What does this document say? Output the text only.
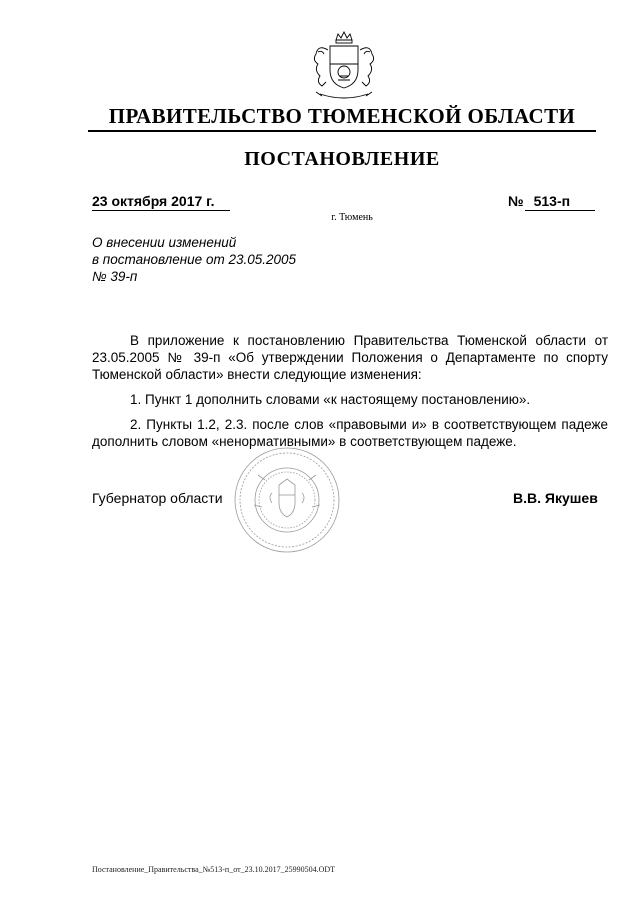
ПРАВИТЕЛЬСТВО ТЮМЕНСКОЙ ОБЛАСТИ
ПОСТАНОВЛЕНИЕ
23 октября 2017 г.	№ 513-п
г. Тюмень
О внесении изменений
в постановление от 23.05.2005
№ 39-п

В приложение к постановлению Правительства Тюменской области от 23.05.2005 № 39-п «Об утверждении Положения о Департаменте по спорту Тюменской области» внести следующие изменения:

1. Пункт 1 дополнить словами «к настоящему постановлению».

2. Пункты 1.2, 2.3. после слов «правовыми и» в соответствующем падеже дополнить словом «ненормативными» в соответствующем падеже.

Губернатор области	В.В. Якушев
Постановление_Правительства_№513-п_от_23.10.2017_25990504.ODT
